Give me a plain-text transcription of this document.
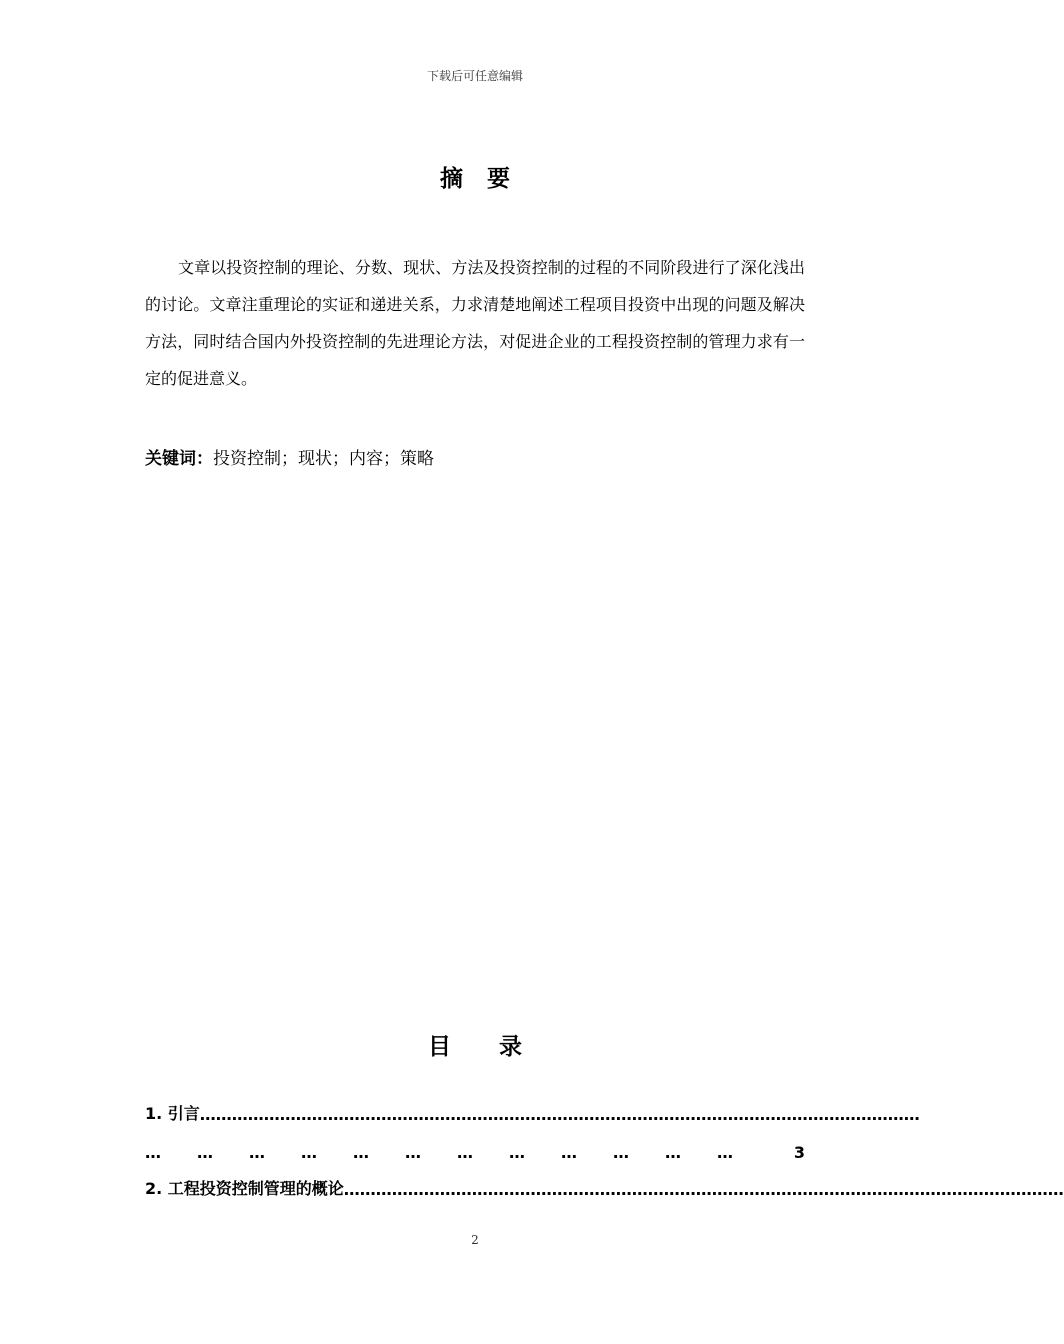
下载后可任意编辑
摘要

文章以投资控制的理论、分数、现状、方法及投资控制的过程的不同阶段进行了深化浅出的讨论。文章注重理论的实证和递进关系，力求清楚地阐述工程项目投资中出现的问题及解决方法，同时结合国内外投资控制的先进理论方法，对促进企业的工程投资控制的管理力求有一定的促进意义。

关键词：投资控制；现状；内容；策略
目录
1. 引言 ………………………………………………………………………………………………………………………
… … … … … … … … … … … …	3
2. 工程投资控制管理的概论 ………………………………………………………………………………………………………………………
2
